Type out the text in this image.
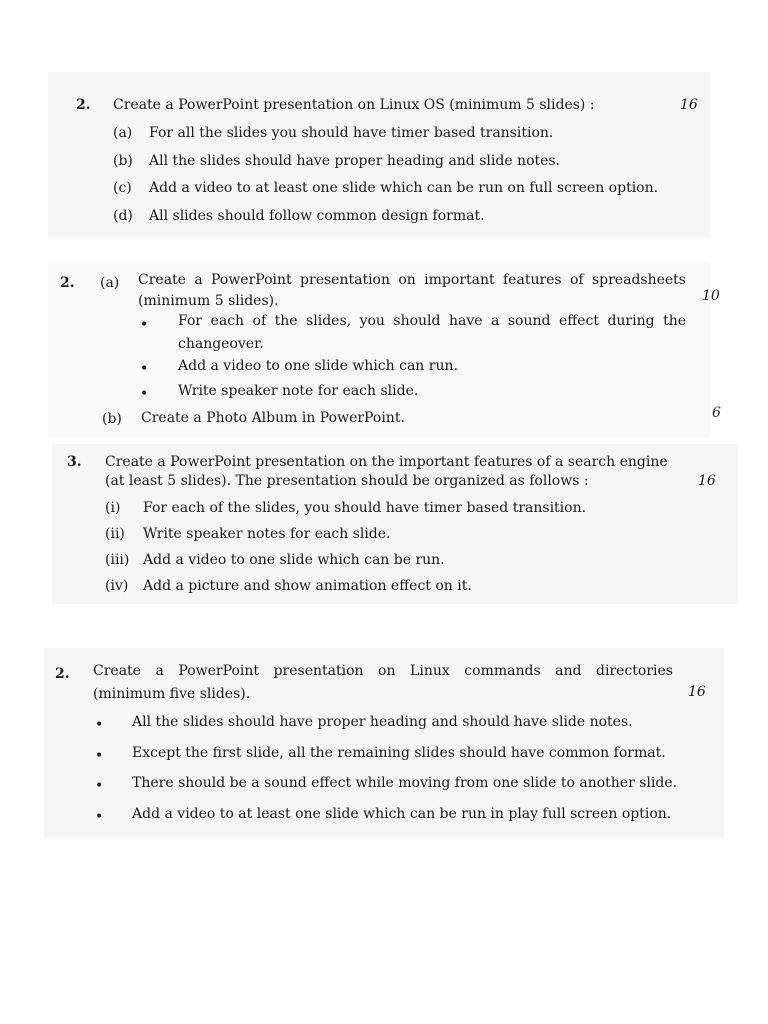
2. Create a PowerPoint presentation on Linux OS (minimum 5 slides) :	16
(a) For all the slides you should have timer based transition.
(b) All the slides should have proper heading and slide notes.
(c) Add a video to at least one slide which can be run on full screen option.
(d) All slides should follow common design format.
2. (a) Create a PowerPoint presentation on important features of spreadsheets
(minimum 5 slides).	10
• For each of the slides, you should have a sound effect during the
changeover.
• Add a video to one slide which can run.
• Write speaker note for each slide.
(b) Create a Photo Album in PowerPoint.	6
3. Create a PowerPoint presentation on the important features of a search engine
(at least 5 slides). The presentation should be organized as follows :	16
(i) For each of the slides, you should have timer based transition.
(ii) Write speaker notes for each slide.
(iii) Add a video to one slide which can be run.
(iv) Add a picture and show animation effect on it.
2. Create a PowerPoint presentation on Linux commands and directories
(minimum five slides).	16
• All the slides should have proper heading and should have slide notes.
• Except the first slide, all the remaining slides should have common format.
• There should be a sound effect while moving from one slide to another slide.
• Add a video to at least one slide which can be run in play full screen option.
